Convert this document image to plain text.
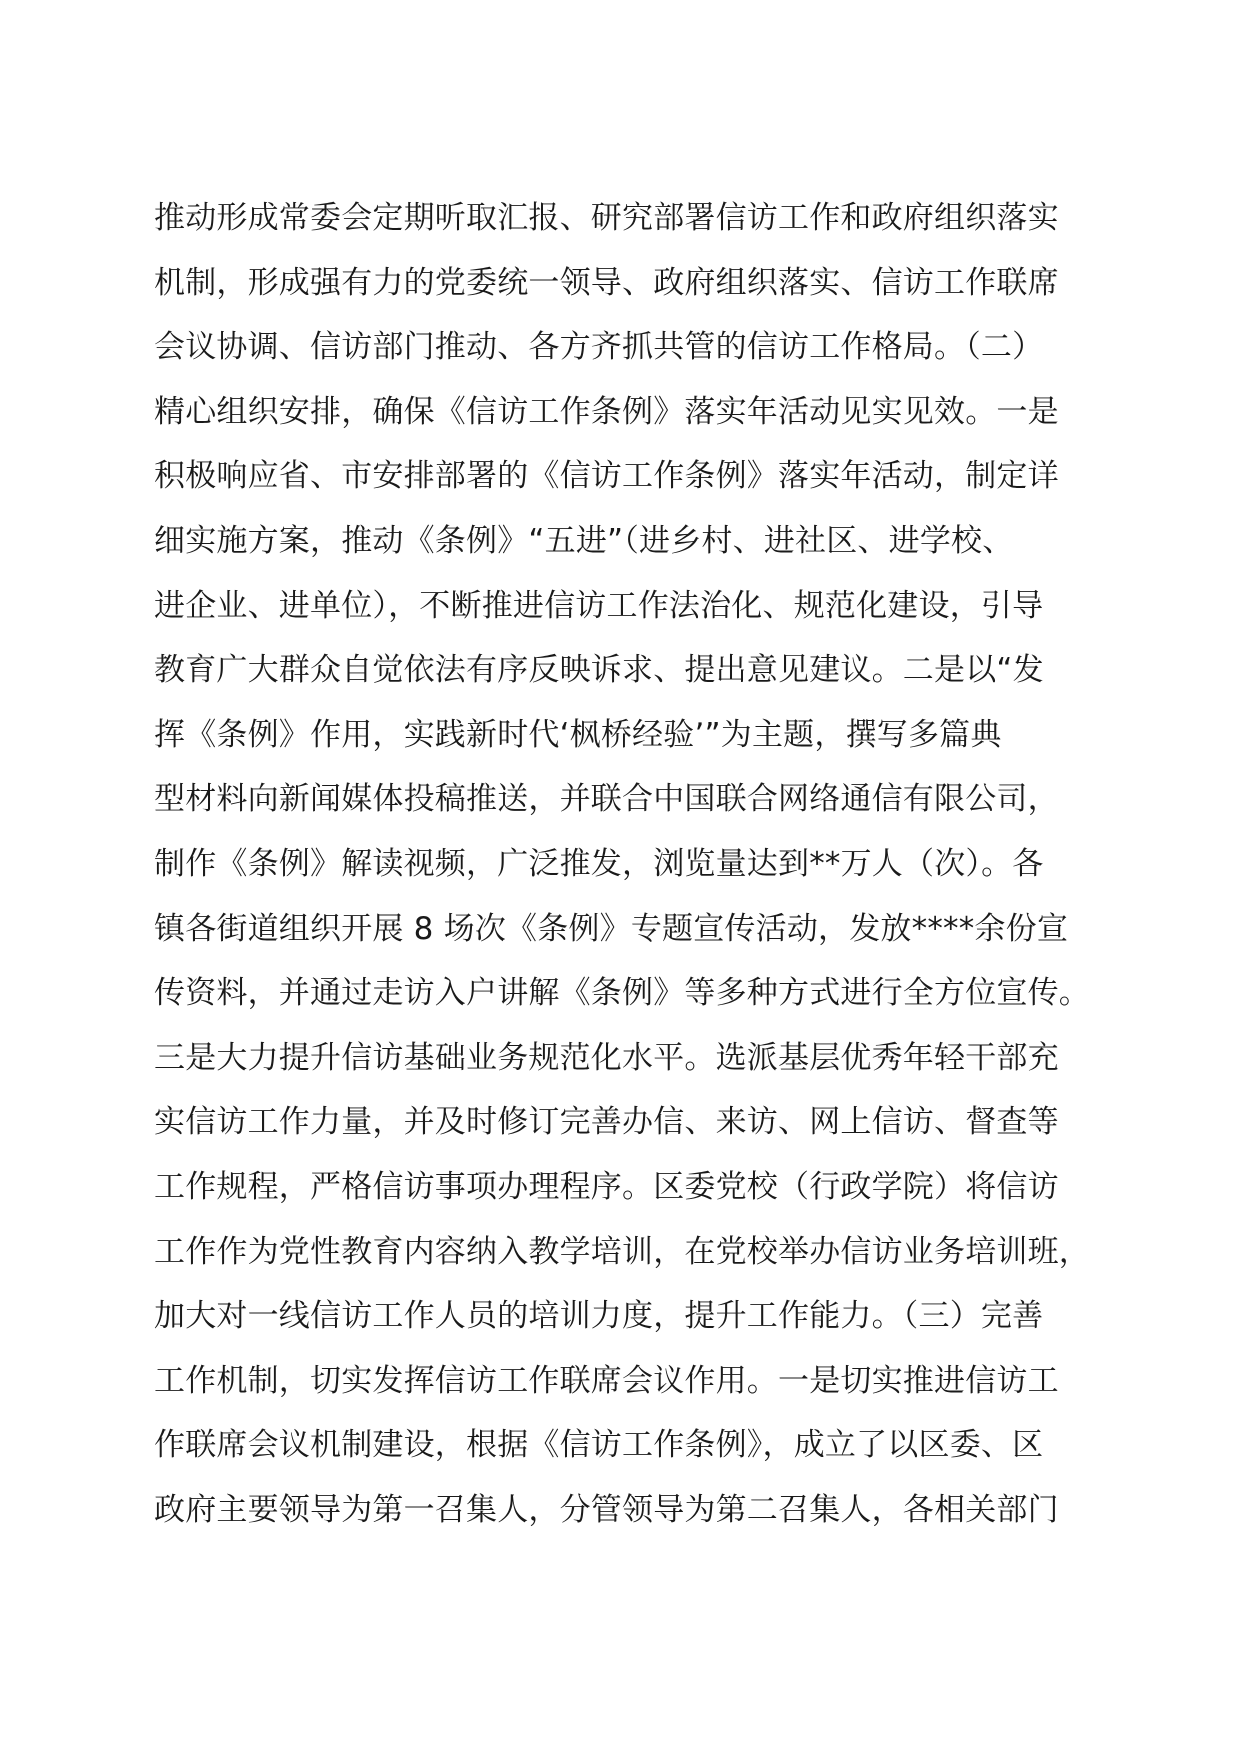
推动形成常委会定期听取汇报、研究部署信访工作和政府组织落实
机制，形成强有力的党委统一领导、政府组织落实、信访工作联席
会议协调、信访部门推动、各方齐抓共管的信访工作格局。（二）
精心组织安排，确保《信访工作条例》落实年活动见实见效。一是
积极响应省、市安排部署的《信访工作条例》落实年活动，制定详
细实施方案，推动《条例》“五进”（进乡村、进社区、进学校、
进企业、进单位），不断推进信访工作法治化、规范化建设，引导
教育广大群众自觉依法有序反映诉求、提出意见建议。二是以“发
挥《条例》作用，实践新时代‘枫桥经验’”为主题，撰写多篇典
型材料向新闻媒体投稿推送，并联合中国联合网络通信有限公司，
制作《条例》解读视频，广泛推发，浏览量达到**万人（次）。各
镇各街道组织开展 8 场次《条例》专题宣传活动，发放****余份宣
传资料，并通过走访入户讲解《条例》等多种方式进行全方位宣传。
三是大力提升信访基础业务规范化水平。选派基层优秀年轻干部充
实信访工作力量，并及时修订完善办信、来访、网上信访、督查等
工作规程，严格信访事项办理程序。区委党校（行政学院）将信访
工作作为党性教育内容纳入教学培训，在党校举办信访业务培训班，
加大对一线信访工作人员的培训力度，提升工作能力。（三）完善
工作机制，切实发挥信访工作联席会议作用。一是切实推进信访工
作联席会议机制建设，根据《信访工作条例》，成立了以区委、区
政府主要领导为第一召集人，分管领导为第二召集人，各相关部门
